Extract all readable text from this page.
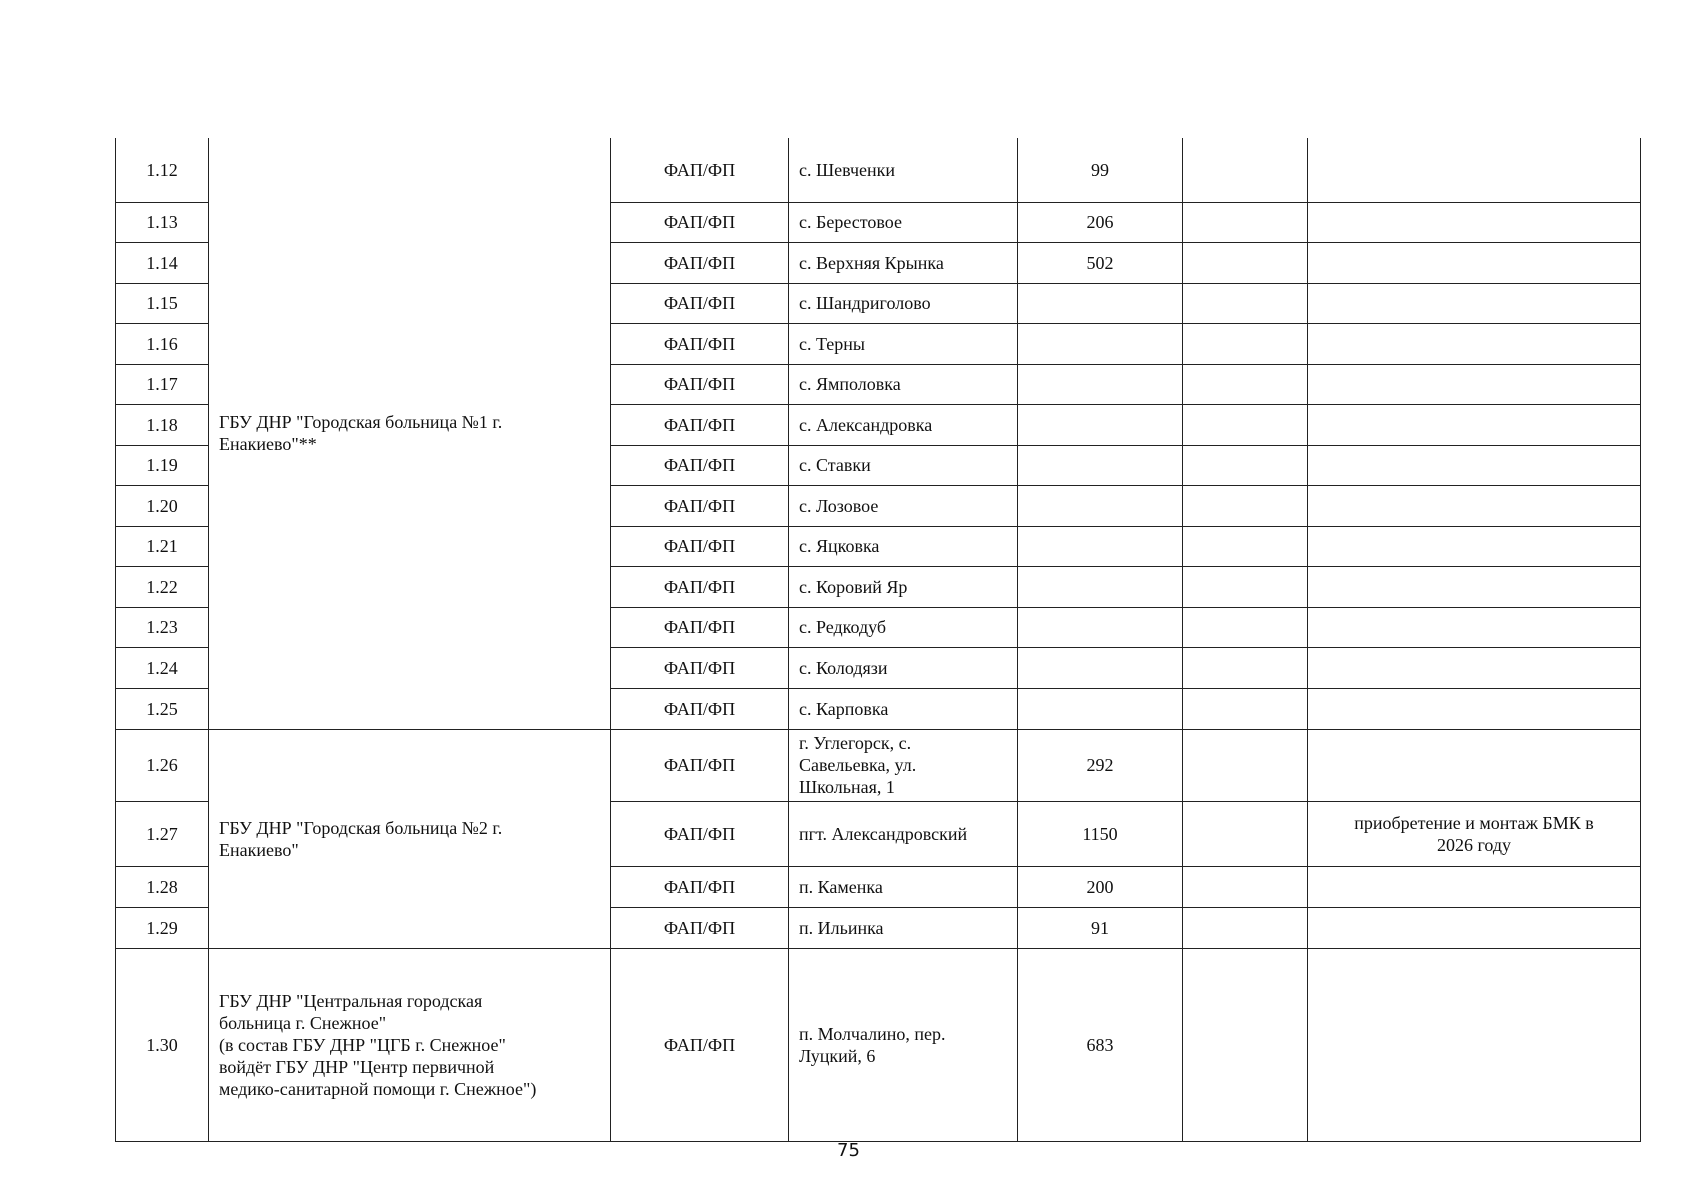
1.12	ГБУ ДНР "Городская больница №1 г.
Енакиево"**	ФАП/ФП	с. Шевченки	99		
1.13		ФАП/ФП	с. Берестовое	206		
1.14		ФАП/ФП	с. Верхняя Крынка	502		
1.15		ФАП/ФП	с. Шандриголово			
1.16		ФАП/ФП	с. Терны			
1.17		ФАП/ФП	с. Ямполовка			
1.18		ФАП/ФП	с. Александровка			
1.19		ФАП/ФП	с. Ставки			
1.20		ФАП/ФП	с. Лозовое			
1.21		ФАП/ФП	с. Яцковка			
1.22		ФАП/ФП	с. Коровий Яр			
1.23		ФАП/ФП	с. Редкодуб			
1.24		ФАП/ФП	с. Колодязи			
1.25		ФАП/ФП	с. Карповка			
1.26	ГБУ ДНР "Городская больница №2 г.
Енакиево"	ФАП/ФП	г. Углегорск, с.
Савельевка, ул.
Школьная, 1	292		
1.27		ФАП/ФП	пгт. Александровский	1150		приобретение и монтаж БМК в
2026 году
1.28		ФАП/ФП	п. Каменка	200		
1.29		ФАП/ФП	п. Ильинка	91		
1.30	ГБУ ДНР "Центральная городская
больница г. Снежное"
(в состав ГБУ ДНР "ЦГБ г. Снежное"
войдёт ГБУ ДНР "Центр первичной
медико-санитарной помощи г. Снежное")	ФАП/ФП	п. Молчалино, пер.
Луцкий, 6	683		
75
